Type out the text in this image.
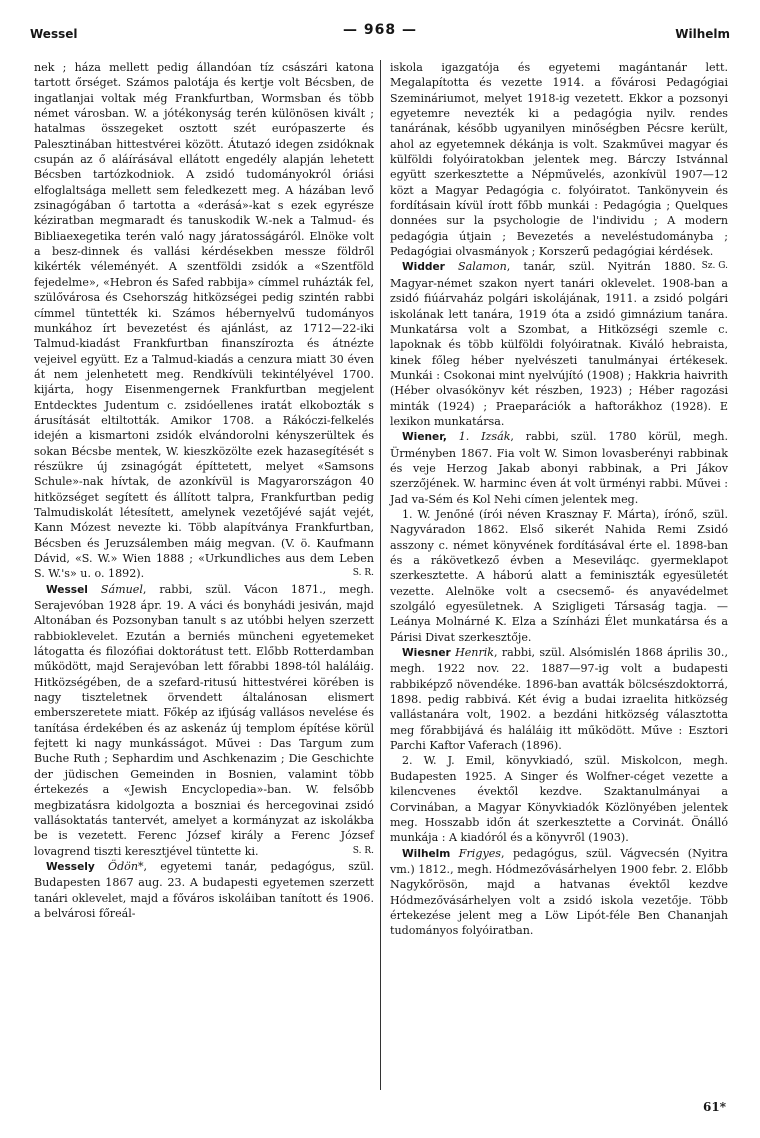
Wessel	— 968 —	Wilhelm

nek ; háza mellett pedig állandóan tíz császári katona tartott őrséget. Számos palotája és kertje volt Bécsben, de ingatlanjai voltak még Frankfurtban, Wormsban és több német városban. W. a jótékonyság terén különösen kivált ; hatalmas összegeket osztott szét európaszerte és Palesztinában hittestvérei között. Átutazó idegen zsidóknak csupán az ő aláírásával ellátott engedély alapján lehetett Bécsben tartózkodniok. A zsidó tudományokról óriási elfoglaltsága mellett sem feledkezett meg. A házában levő zsinagógában ő tartotta a «derásá»-kat s ezek egyrésze kéziratban megmaradt és tanuskodik W.-nek a Talmud- és Bibliaexegetika terén való nagy járatosságáról. Elnöke volt a besz-dinnek és vallási kérdésekben messze földről kikérték véleményét. A szentföldi zsidók a «Szentföld fejedelme», «Hebron és Safed rabbija» címmel ruházták fel, szülővárosa és Csehország hitközségei pedig szintén rabbi címmel tüntették ki. Számos hébernyelvű tudományos munkához írt bevezetést és ajánlást, az 1712—22-iki Talmud-kiadást Frankfurtban finanszírozta és átnézte vejeivel együtt. Ez a Talmud-kiadás a cenzura miatt 30 éven át nem jelenhetett meg. Rendkívüli tekintélyével 1700. kijárta, hogy Eisenmengernek Frankfurtban megjelent Entdecktes Judentum c. zsidóellenes iratát elkobozták s árusítását eltiltották. Amikor 1708. a Rákóczi-felkelés idején a kismartoni zsidók elvándorolni kényszerültek és sokan Bécsbe mentek, W. kieszközölte ezek hazasegítését s részükre új zsinagógát építtetett, melyet «Samsons Schule»-nak hívtak, de azonkívül is Magyarországon 40 hitközséget segített és állított talpra, Frankfurtban pedig Talmudiskolát létesített, amelynek vezetőjévé saját vejét, Kann Mózest nevezte ki. Több alapítványa Frankfurtban, Bécsben és Jeruzsálemben máig megvan. (V. ö. Kaufmann Dávid, «S. W.» Wien 1888 ; «Urkundliches aus dem Leben S. W.'s» u. o. 1892).	S. R.

Wessel Sámuel, rabbi, szül. Vácon 1871., megh. Serajevóban 1928 ápr. 19. A váci és bonyhádi jesiván, majd Altonában és Pozsonyban tanult s az utóbbi helyen szerzett rabbioklevelet. Ezután a berniés müncheni egyetemeket látogatta és filozófiai doktorátust tett. Előbb Rotterdamban működött, majd Serajevóban lett főrabbi 1898-tól haláláig. Hitközségében, de a szefard-ritusú hittestvérei körében is nagy tiszteletnek örvendett általánosan elismert emberszeretete miatt. Főkép az ifjúság vallásos nevelése és tanítása érdekében és az askenáz új templom építése körül fejtett ki nagy munkásságot. Művei : Das Targum zum Buche Ruth ; Sephardim und Aschkenazim ; Die Geschichte der jüdischen Gemeinden in Bosnien, valamint több értekezés a «Jewish Encyclopedia»-ban. W. felsőbb megbizatásra kidolgozta a boszniai és hercegovinai zsidó vallásoktatás tantervét, amelyet a kormányzat az iskolákba be is vezetett. Ferenc József király a Ferenc József lovagrend tiszti keresztjével tüntette ki.	S. R.

Wessely Ödön*, egyetemi tanár, pedagógus, szül. Budapesten 1867 aug. 23. A budapesti egyetemen szerzett tanári oklevelet, majd a főváros iskoláiban tanított és 1906. a belvárosi főreál-

iskola igazgatója és egyetemi magántanár lett. Megalapította és vezette 1914. a fővárosi Pedagógiai Szemináriumot, melyet 1918-ig vezetett. Ekkor a pozsonyi egyetemre nevezték ki a pedagógia nyilv. rendes tanárának, később ugyanilyen minőségben Pécsre került, ahol az egyetemnek dékánja is volt. Szakművei magyar és külföldi folyóiratokban jelentek meg. Bárczy Istvánnal együtt szerkesztette a Népművelés, azonkívül 1907—12 közt a Magyar Pedagógia c. folyóiratot. Tankönyvein és fordításain kívül írott főbb munkái : Pedagógia ; Quelques données sur la psychologie de l'individu ; A modern pedagógia útjain ; Bevezetés a neveléstudományba ; Pedagógiai olvasmányok ; Korszerű pedagógiai kérdések.
Sz. G.

Widder Salamon, tanár, szül. Nyitrán 1880. Magyar-német szakon nyert tanári oklevelet. 1908-ban a zsidó fiúárvaház polgári iskolájának, 1911. a zsidó polgári iskolának lett tanára, 1919 óta a zsidó gimnázium tanára. Munkatársa volt a Szombat, a Hitközségi szemle c. lapoknak és több külföldi folyóiratnak. Kiváló hebraista, kinek főleg héber nyelvészeti tanulmányai értékesek. Munkái : Csokonai mint nyelvújító (1908) ; Hakkria haivrith (Héber olvasókönyv két részben, 1923) ; Héber ragozási minták (1924) ; Praeparációk a haftorákhoz (1928). E lexikon munkatársa.

Wiener, 1. Izsák, rabbi, szül. 1780 körül, megh. Ürményben 1867. Fia volt W. Simon lovasberényi rabbinak és veje Herzog Jakab abonyi rabbinak, a Pri Jákov szerzőjének. W. harminc éven át volt ürményi rabbi. Művei : Jad va-Sém és Kol Nehi címen jelentek meg.

1. W. Jenőné (írói néven Krasznay F. Márta), írónő, szül. Nagyváradon 1862. Első sikerét Nahida Remi Zsidó asszony c. német könyvének fordításával érte el. 1898-ban és a rákövetkező évben a Meseviláqc. gyermeklapot szerkesztette. A háború alatt a feminiszták egyesületét vezette. Alelnöke volt a csecsemő- és anyavédelmet szolgáló egyesületnek. A Szigligeti Társaság tagja. — Leánya Molnárné K. Elza a Színházi Élet munkatársa és a Párisi Divat szerkesztője.

Wiesner Henrik, rabbi, szül. Alsómislén 1868 április 30., megh. 1922 nov. 22. 1887—97-ig volt a budapesti rabbiképző növendéke. 1896-ban avatták bölcsészdoktorrá, 1898. pedig rabbivá. Két évig a budai izraelita hitközség vallástanára volt, 1902. a bezdáni hitközség választotta meg főrabbijává és haláláig itt működött. Műve : Esztori Parchi Kaftor Vaferach (1896).

2. W. J. Emil, könyvkiadó, szül. Miskolcon, megh. Budapesten 1925. A Singer és Wolfner-céget vezette a kilencvenes évektől kezdve. Szaktanulmányai a Corvinában, a Magyar Könyvkiadók Közlönyében jelentek meg. Hosszabb időn át szerkesztette a Corvinát. Önálló munkája : A kiadóról és a könyvről (1903).

Wilhelm Frigyes, pedagógus, szül. Vágvecsén (Nyitra vm.) 1812., megh. Hódmezővásárhelyen 1900 febr. 2. Előbb Nagykőrösön, majd a hatvanas évektől kezdve Hódmezővásárhelyen volt a zsidó iskola vezetője. Több értekezése jelent meg a Löw Lipót-féle Ben Chananjah tudományos folyóiratban.

61*
